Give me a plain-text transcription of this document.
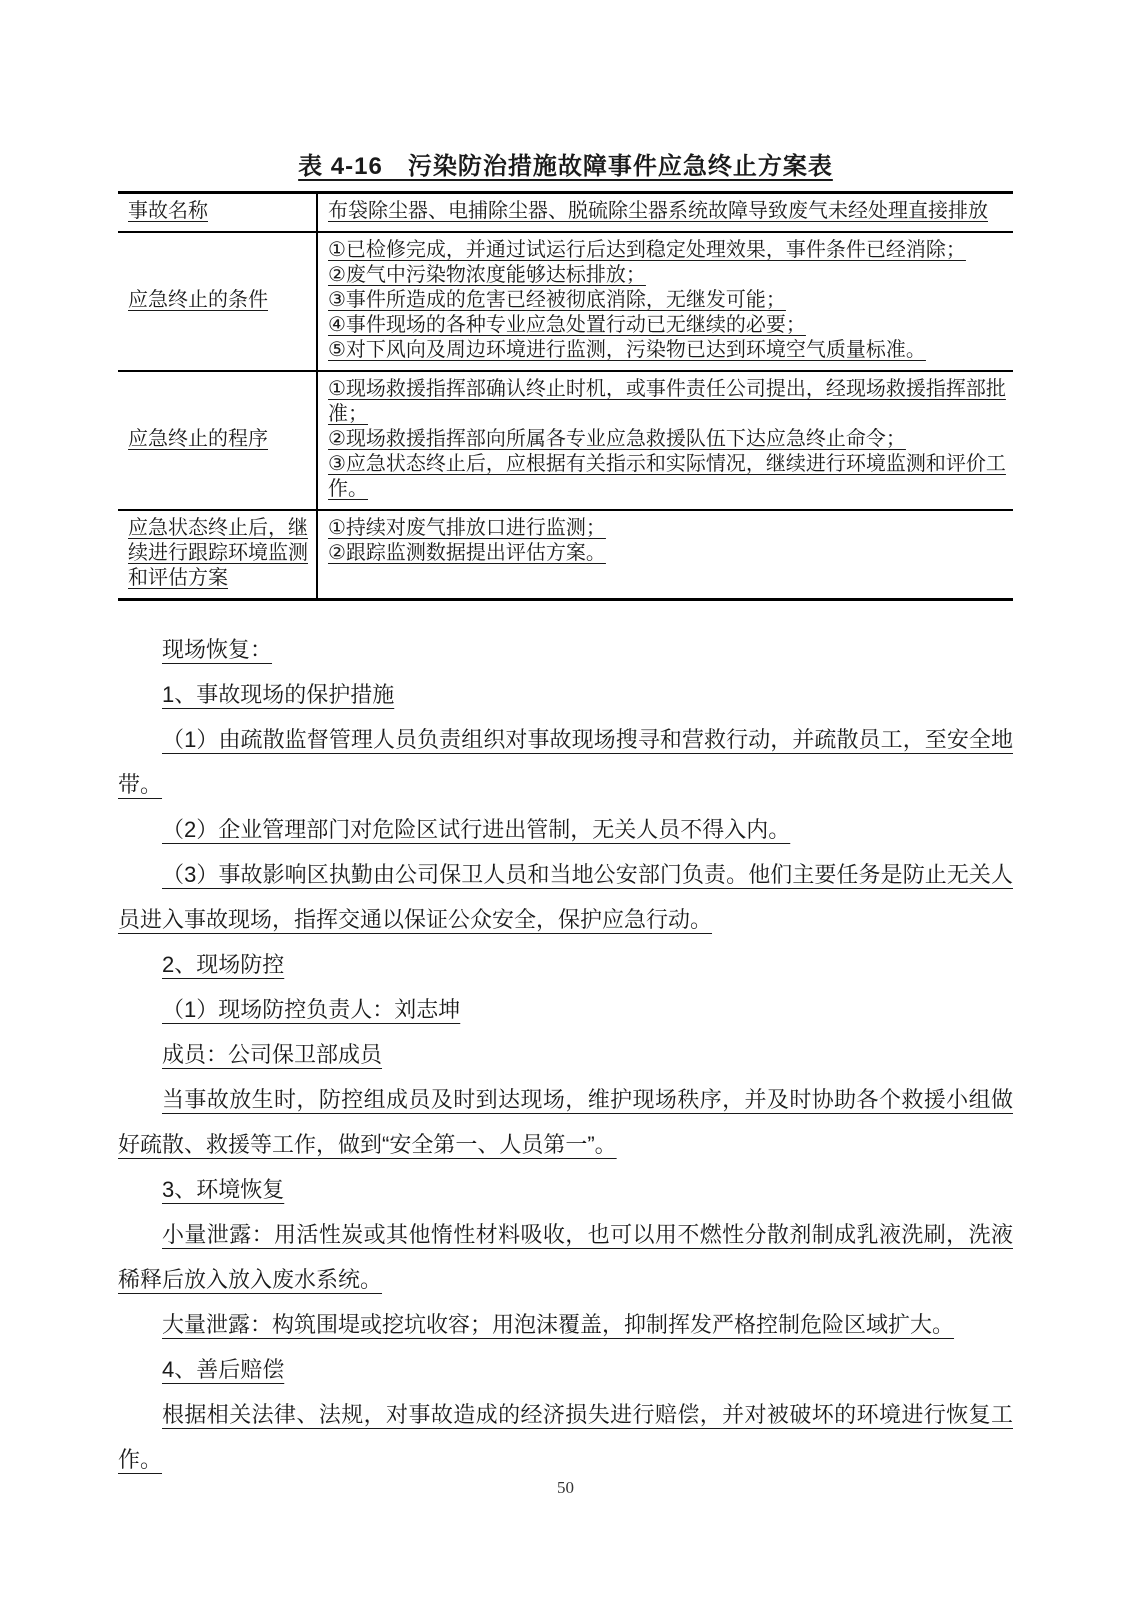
表 4-16　污染防治措施故障事件应急终止方案表
事故名称	布袋除尘器、电捕除尘器、脱硫除尘器系统故障导致废气未经处理直接排放
应急终止的条件
①已检修完成，并通过试运行后达到稳定处理效果，事件条件已经消除；
②废气中污染物浓度能够达标排放；
③事件所造成的危害已经被彻底消除，无继发可能；
④事件现场的各种专业应急处置行动已无继续的必要；
⑤对下风向及周边环境进行监测，污染物已达到环境空气质量标准。
应急终止的程序
①现场救援指挥部确认终止时机，或事件责任公司提出，经现场救援指挥部批准；
②现场救援指挥部向所属各专业应急救援队伍下达应急终止命令；
③应急状态终止后，应根据有关指示和实际情况，继续进行环境监测和评价工作。
应急状态终止后，继续进行跟踪环境监测和评估方案
①持续对废气排放口进行监测；
②跟踪监测数据提出评估方案。

现场恢复：

1、事故现场的保护措施

（1）由疏散监督管理人员负责组织对事故现场搜寻和营救行动，并疏散员工，至安全地带。

（2）企业管理部门对危险区试行进出管制，无关人员不得入内。

（3）事故影响区执勤由公司保卫人员和当地公安部门负责。他们主要任务是防止无关人员进入事故现场，指挥交通以保证公众安全，保护应急行动。

2、现场防控

（1）现场防控负责人：刘志坤

成员：公司保卫部成员

当事故放生时，防控组成员及时到达现场，维护现场秩序，并及时协助各个救援小组做好疏散、救援等工作，做到“安全第一、人员第一”。

3、环境恢复

小量泄露：用活性炭或其他惰性材料吸收，也可以用不燃性分散剂制成乳液洗刷，洗液稀释后放入放入废水系统。

大量泄露：构筑围堤或挖坑收容；用泡沫覆盖，抑制挥发严格控制危险区域扩大。

4、善后赔偿

根据相关法律、法规，对事故造成的经济损失进行赔偿，并对被破坏的环境进行恢复工作。

50
